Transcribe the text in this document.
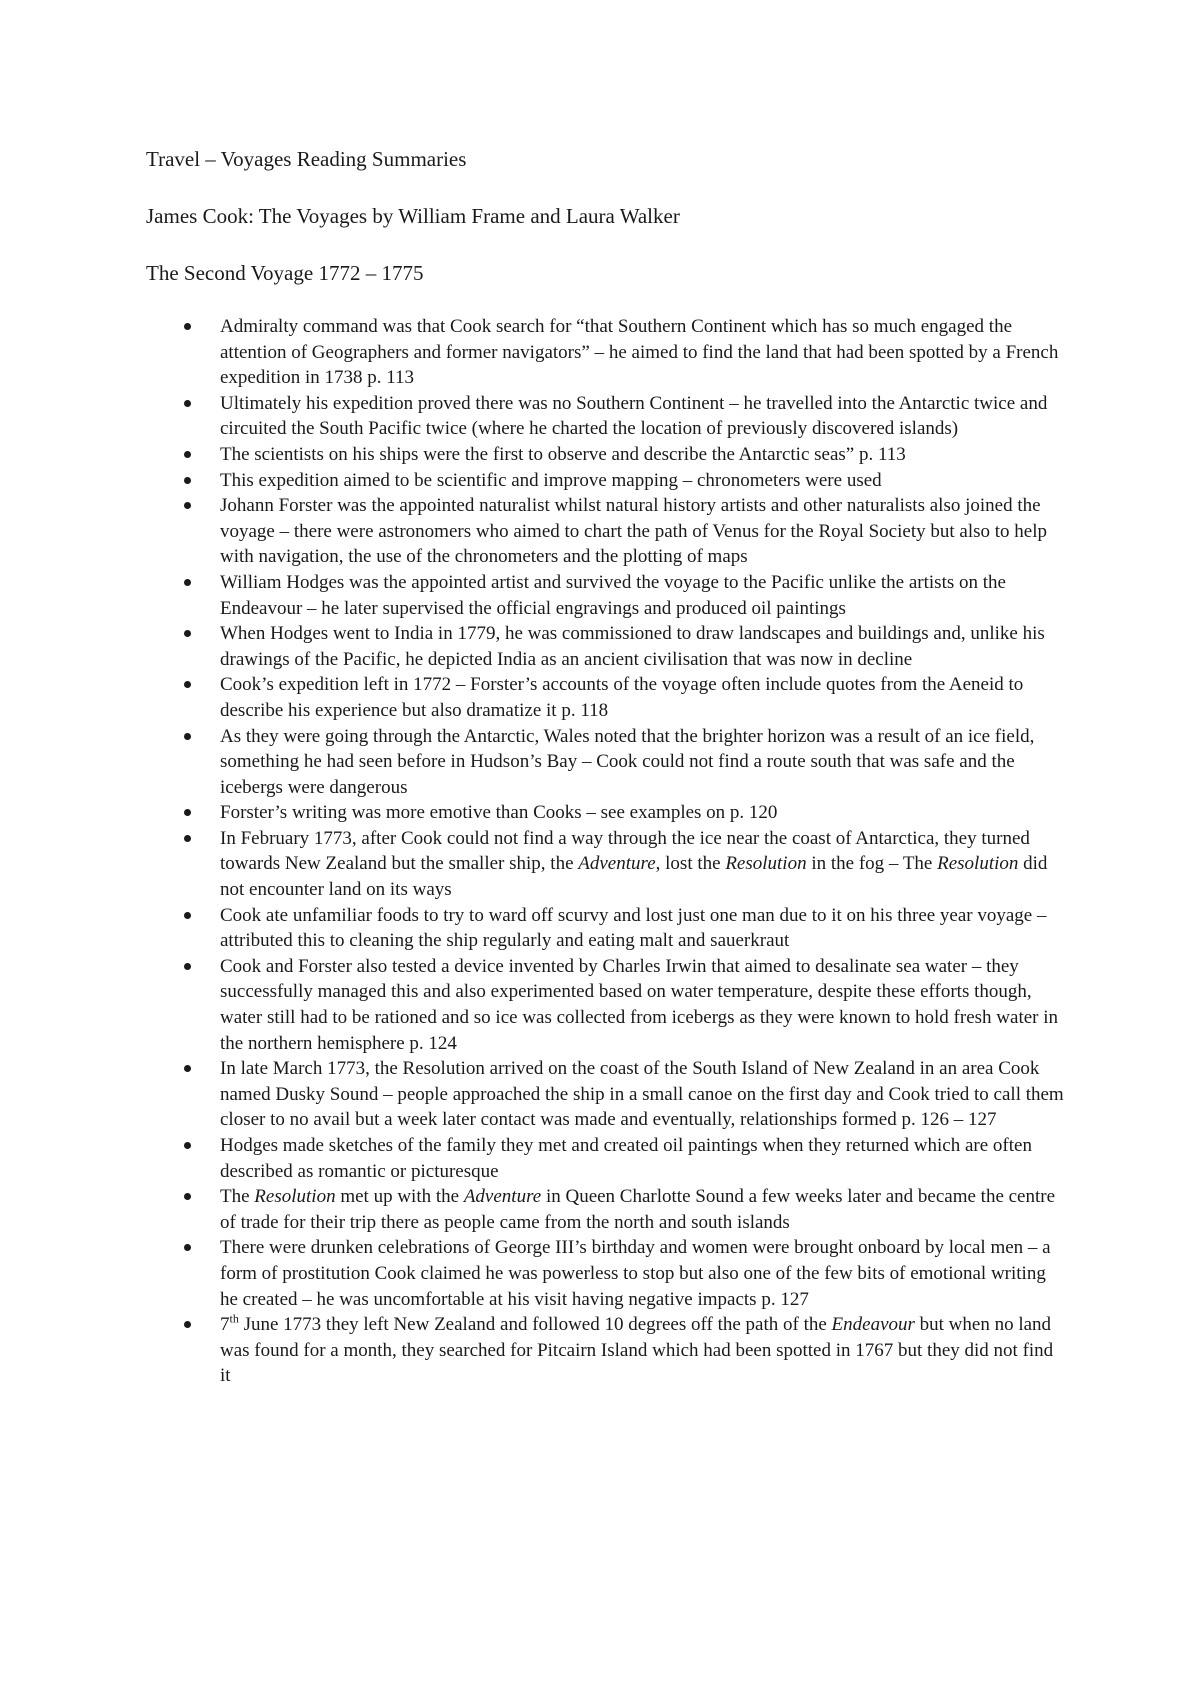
Travel – Voyages Reading Summaries
James Cook: The Voyages by William Frame and Laura Walker
The Second Voyage 1772 – 1775
Admiralty command was that Cook search for “that Southern Continent which has so much engaged the attention of Geographers and former navigators” – he aimed to find the land that had been spotted by a French expedition in 1738 p. 113
Ultimately his expedition proved there was no Southern Continent – he travelled into the Antarctic twice and circuited the South Pacific twice (where he charted the location of previously discovered islands)
The scientists on his ships were the first to observe and describe the Antarctic seas” p. 113
This expedition aimed to be scientific and improve mapping – chronometers were used
Johann Forster was the appointed naturalist whilst natural history artists and other naturalists also joined the voyage – there were astronomers who aimed to chart the path of Venus for the Royal Society but also to help with navigation, the use of the chronometers and the plotting of maps
William Hodges was the appointed artist and survived the voyage to the Pacific unlike the artists on the Endeavour – he later supervised the official engravings and produced oil paintings
When Hodges went to India in 1779, he was commissioned to draw landscapes and buildings and, unlike his drawings of the Pacific, he depicted India as an ancient civilisation that was now in decline
Cook’s expedition left in 1772 – Forster’s accounts of the voyage often include quotes from the Aeneid to describe his experience but also dramatize it p. 118
As they were going through the Antarctic, Wales noted that the brighter horizon was a result of an ice field, something he had seen before in Hudson’s Bay – Cook could not find a route south that was safe and the icebergs were dangerous
Forster’s writing was more emotive than Cooks – see examples on p. 120
In February 1773, after Cook could not find a way through the ice near the coast of Antarctica, they turned towards New Zealand but the smaller ship, the Adventure, lost the Resolution in the fog – The Resolution did not encounter land on its ways
Cook ate unfamiliar foods to try to ward off scurvy and lost just one man due to it on his three year voyage – attributed this to cleaning the ship regularly and eating malt and sauerkraut
Cook and Forster also tested a device invented by Charles Irwin that aimed to desalinate sea water – they successfully managed this and also experimented based on water temperature, despite these efforts though, water still had to be rationed and so ice was collected from icebergs as they were known to hold fresh water in the northern hemisphere p. 124
In late March 1773, the Resolution arrived on the coast of the South Island of New Zealand in an area Cook named Dusky Sound – people approached the ship in a small canoe on the first day and Cook tried to call them closer to no avail but a week later contact was made and eventually, relationships formed p. 126 – 127
Hodges made sketches of the family they met and created oil paintings when they returned which are often described as romantic or picturesque
The Resolution met up with the Adventure in Queen Charlotte Sound a few weeks later and became the centre of trade for their trip there as people came from the north and south islands
There were drunken celebrations of George III’s birthday and women were brought onboard by local men – a form of prostitution Cook claimed he was powerless to stop but also one of the few bits of emotional writing he created – he was uncomfortable at his visit having negative impacts p. 127
7th June 1773 they left New Zealand and followed 10 degrees off the path of the Endeavour but when no land was found for a month, they searched for Pitcairn Island which had been spotted in 1767 but they did not find it
